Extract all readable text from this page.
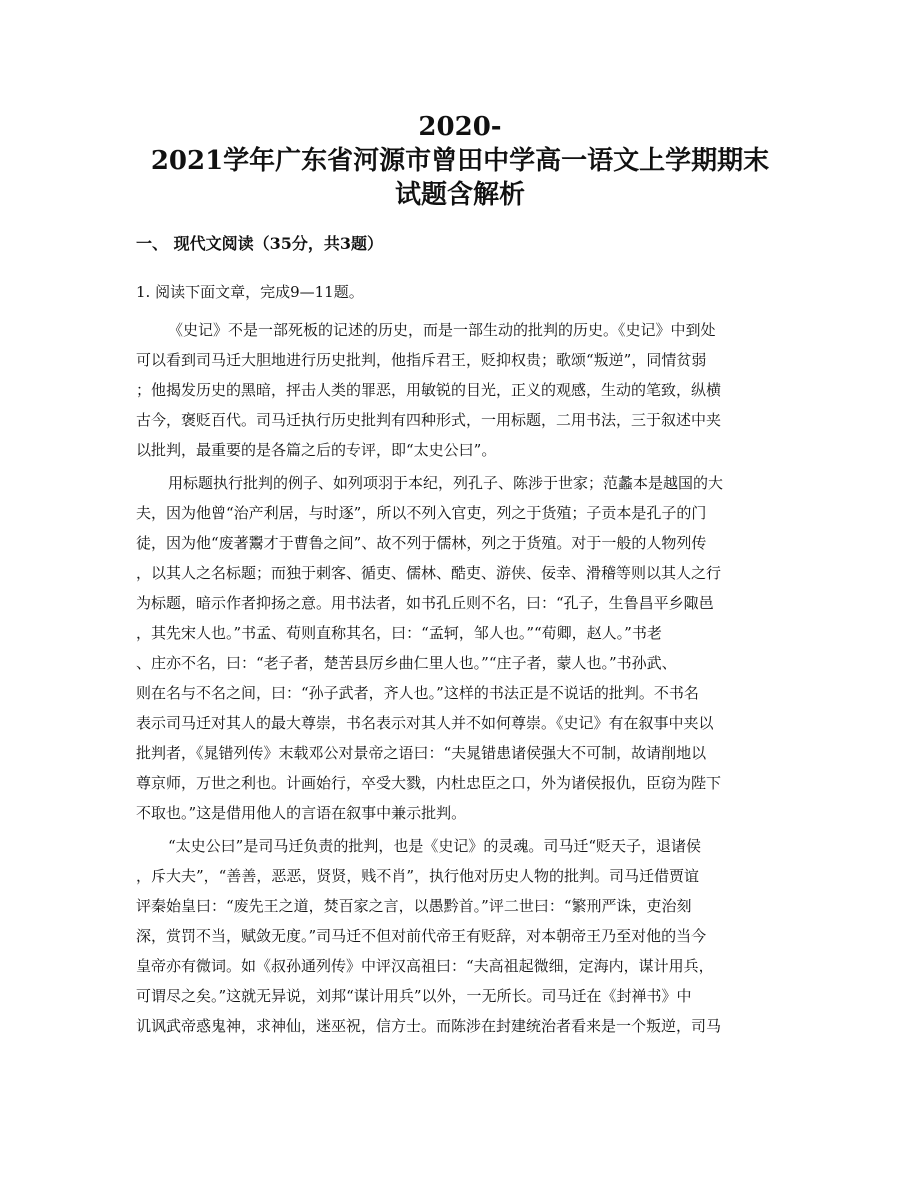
2020-
2021学年广东省河源市曾田中学高一语文上学期期末
试题含解析
一、 现代文阅读（35分，共3题）
1. 阅读下面文章，完成9—11题。
《史记》不是一部死板的记述的历史，而是一部生动的批判的历史。《史记》中到处
可以看到司马迁大胆地进行历史批判，他指斥君王，贬抑权贵；歌颂“叛逆”，同情贫弱
；他揭发历史的黑暗，抨击人类的罪恶，用敏锐的目光，正义的观感，生动的笔致，纵横
古今，褒贬百代。司马迁执行历史批判有四种形式，一用标题，二用书法，三于叙述中夹
以批判，最重要的是各篇之后的专评，即“太史公曰”。
用标题执行批判的例子、如列项羽于本纪，列孔子、陈涉于世家；范蠡本是越国的大
夫，因为他曾“治产利居，与时逐”，所以不列入官吏，列之于货殖；子贡本是孔子的门
徒，因为他“废著鬻才于曹鲁之间”、故不列于儒林，列之于货殖。对于一般的人物列传
，以其人之名标题；而独于刺客、循吏、儒林、酷吏、游侠、佞幸、滑稽等则以其人之行
为标题，暗示作者抑扬之意。用书法者，如书孔丘则不名，曰：“孔子，生鲁昌平乡陬邑
，其先宋人也。”书孟、荀则直称其名，曰：“孟轲，邹人也。”“荀卿，赵人。”书老
、庄亦不名，曰：“老子者，楚苦县厉乡曲仁里人也。”“庄子者，蒙人也。”书孙武、
则在名与不名之间，曰：“孙子武者，齐人也。”这样的书法正是不说话的批判。不书名
表示司马迁对其人的最大尊崇，书名表示对其人并不如何尊崇。《史记》有在叙事中夹以
批判者，《晁错列传》末载邓公对景帝之语曰：“夫晁错患诸侯强大不可制，故请削地以
尊京师，万世之利也。计画始行，卒受大戮，内杜忠臣之口，外为诸侯报仇，臣窃为陛下
不取也。”这是借用他人的言语在叙事中兼示批判。
“太史公曰”是司马迁负责的批判，也是《史记》的灵魂。司马迁“贬天子，退诸侯
，斥大夫”，“善善，恶恶，贤贤，贱不肖”，执行他对历史人物的批判。司马迁借贾谊
评秦始皇曰：“废先王之道，焚百家之言，以愚黔首。”评二世曰：“繁刑严诛，吏治刻
深，赏罚不当，赋敛无度。”司马迁不但对前代帝王有贬辞，对本朝帝王乃至对他的当今
皇帝亦有微词。如《叔孙通列传》中评汉高祖曰：“夫高祖起微细，定海内，谋计用兵，
可谓尽之矣。”这就无异说，刘邦“谋计用兵”以外，一无所长。司马迁在《封禅书》中
讥讽武帝惑鬼神，求神仙，迷巫祝，信方士。而陈涉在封建统治者看来是一个叛逆，司马
